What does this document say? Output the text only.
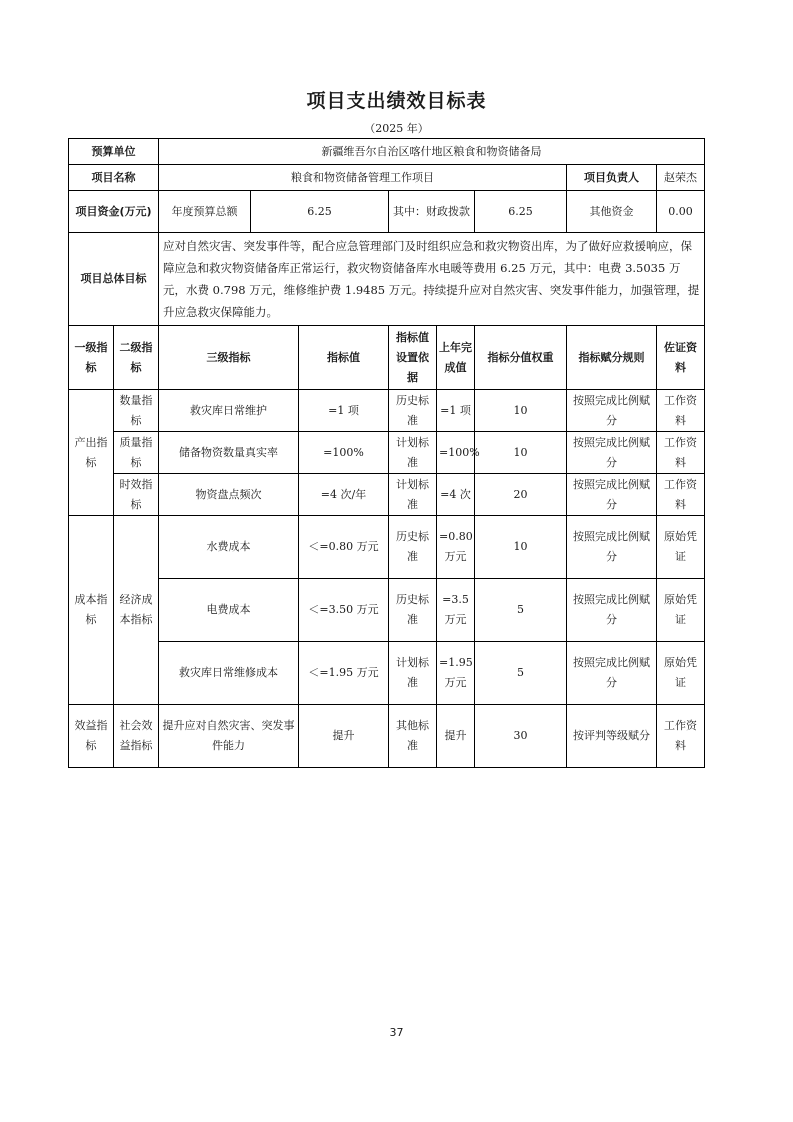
项目支出绩效目标表
（2025 年）
预算单位		新疆维吾尔自治区喀什地区粮食和物资储备局							
项目名称		粮食和物资储备管理工作项目						项目负责人	赵荣杰
项目资金(万元)		年度预算总额	6.25		其中：财政拨款		6.25	其他资金	0.00
项目总体目标		应对自然灾害、突发事件等，配合应急管理部门及时组织应急和救灾物资出库，为了做好应救援响应，保障应急和救灾物资储备库正常运行，救灾物资储备库水电暖等费用 6.25 万元，其中：电费 3.5035 万元，水费 0.798 万元，维修维护费 1.9485 万元。持续提升应对自然灾害、突发事件能力，加强管理，提升应急救灾保障能力。							
一级指标	二级指标	三级指标		指标值	指标值设置依据	上年完成值	指标分值权重	指标赋分规则	佐证资料
产出指标	数量指标	救灾库日常维护		=1 项	历史标准	=1 项	10	按照完成比例赋分	工作资料
	质量指标	储备物资数量真实率		=100%	计划标准	=100%	10	按照完成比例赋分	工作资料
	时效指标	物资盘点频次		=4 次/年	计划标准	=4 次	20	按照完成比例赋分	工作资料
成本指标	经济成本指标	水费成本		＜=0.80 万元	历史标准	=0.80 万元	10	按照完成比例赋分	原始凭证
		电费成本		＜=3.50 万元	历史标准	=3.5 万元	5	按照完成比例赋分	原始凭证
		救灾库日常维修成本		＜=1.95 万元	计划标准	=1.95 万元	5	按照完成比例赋分	原始凭证
效益指标	社会效益指标	提升应对自然灾害、突发事件能力		提升	其他标准	提升	30	按评判等级赋分	工作资料
37
